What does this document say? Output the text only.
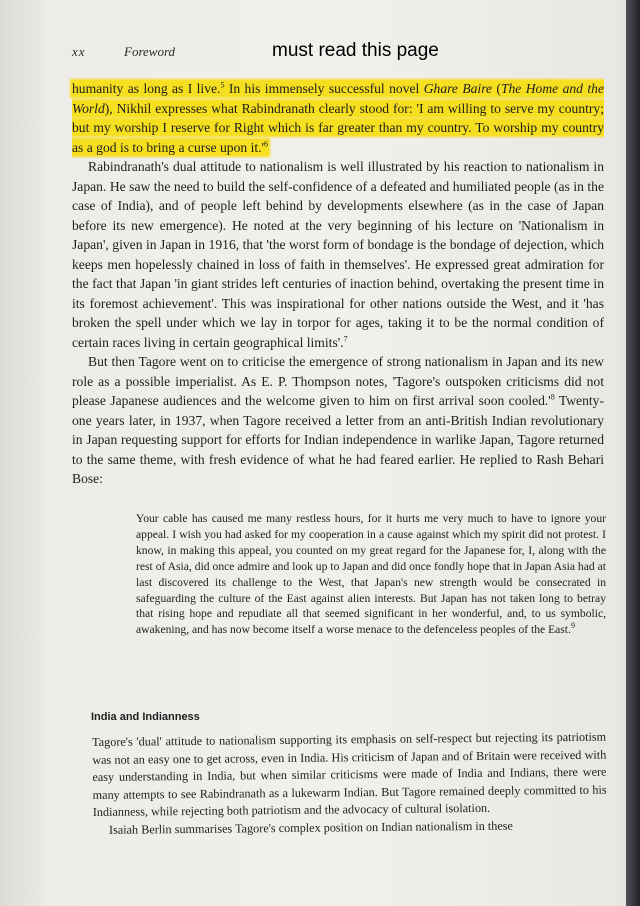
xx	Foreword	must read this page

humanity as long as I live.$^5$ In his immensely successful novel Ghare Baire (The Home and the World), Nikhil expresses what Rabindranath clearly stood for: 'I am willing to serve my country; but my worship I reserve for Right which is far greater than my country. To worship my country as a god is to bring a curse upon $it.'^6$

Rabindranath's dual attitude to nationalism is well illustrated by his reaction to nationalism in Japan. He saw the need to build the self-confidence of a defeated and humiliated people (as in the case of India), and of people left behind by developments elsewhere (as in the case of Japan before its new emergence). He noted at the very beginning of his lecture on 'Nationalism in Japan', given in Japan in 1916, that 'the worst form of bondage is the bondage of dejection, which keeps men hopelessly chained in loss of faith in themselves'. He expressed great admiration for the fact that Japan 'in giant strides left centuries of inaction behind, overtaking the present time in its foremost achievement'. This was inspirational for other nations outside the West, and it 'has broken the spell under which we lay in torpor for ages, taking it to be the normal condition of certain races living in certain geographical limits'.$^7$

But then Tagore went on to criticise the emergence of strong nationalism in Japan and its new role as a possible imperialist. As E. P. Thompson notes, 'Tagore's outspoken criticisms did not please Japanese audiences and the welcome given to him on first arrival soon $cooled.'^8$ Twenty-one years later, in 1937, when Tagore received a letter from an anti-British Indian revolutionary in Japan requesting support for efforts for Indian independence in warlike Japan, Tagore returned to the same theme, with fresh evidence of what he had feared earlier. He replied to Rash Behari Bose:

Your cable has caused me many restless hours, for it hurts me very much to have to ignore your appeal. I wish you had asked for my cooperation in a cause against which my spirit did not protest. I know, in making this appeal, you counted on my great regard for the Japanese for, I, along with the rest of Asia, did once admire and look up to Japan and did once fondly hope that in Japan Asia had at last discovered its challenge to the West, that Japan's new strength would be consecrated in safeguarding the culture of the East against alien interests. But Japan has not taken long to betray that rising hope and repudiate all that seemed significant in her wonderful, and, to us symbolic, awakening, and has now become itself a worse menace to the defenceless peoples of the East.$^9$

India and Indianness

Tagore's 'dual' attitude to nationalism supporting its emphasis on self-respect but rejecting its patriotism was not an easy one to get across, even in India. His criticism of Japan and of Britain were received with easy understanding in India, but when similar criticisms were made of India and Indians, there were many attempts to see Rabindranath as a lukewarm Indian. But Tagore remained deeply committed to his Indianness, while rejecting both patriotism and the advocacy of cultural isolation.

Isaiah Berlin summarises Tagore's complex position on Indian nationalism in these
